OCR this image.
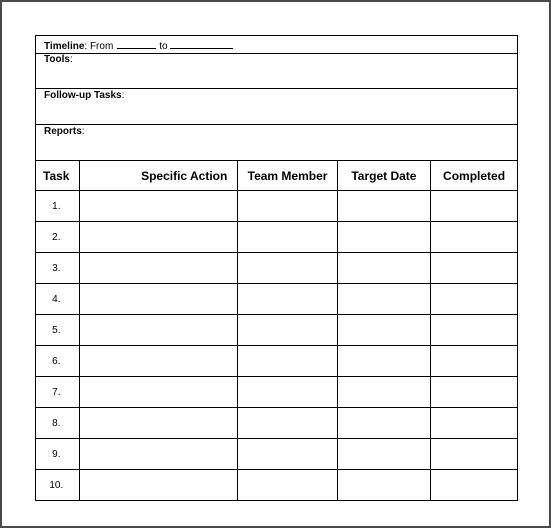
Timeline: From	to
Tools:
Follow-up Tasks:
Reports:
Task	Specific Action	Team Member	Target Date	Completed
1.				
2.				
3.				
4.				
5.				
6.				
7.				
8.				
9.				
10.				
